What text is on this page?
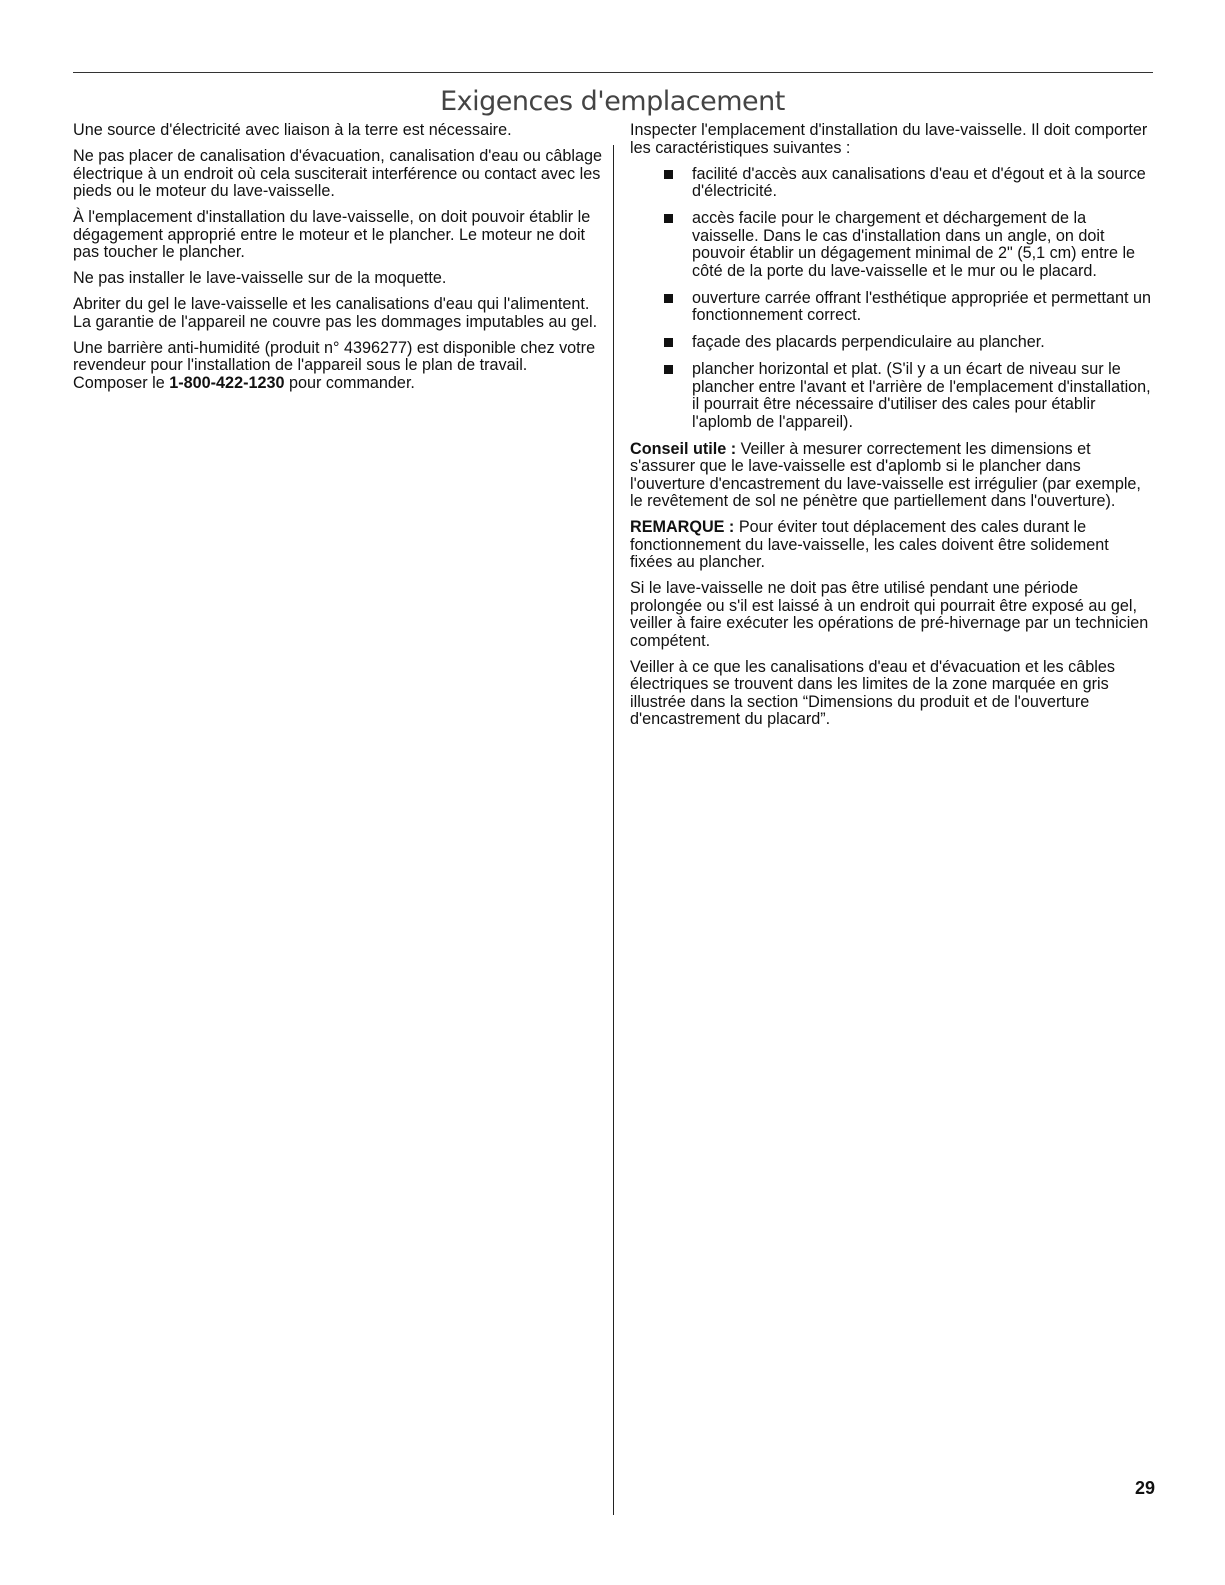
Exigences d'emplacement

Une source d'électricité avec liaison à la terre est nécessaire.

Ne pas placer de canalisation d'évacuation, canalisation d'eau ou câblage électrique à un endroit où cela susciterait interférence ou contact avec les pieds ou le moteur du lave-vaisselle.

À l'emplacement d'installation du lave-vaisselle, on doit pouvoir établir le dégagement approprié entre le moteur et le plancher. Le moteur ne doit pas toucher le plancher.

Ne pas installer le lave-vaisselle sur de la moquette.

Abriter du gel le lave-vaisselle et les canalisations d'eau qui l'alimentent. La garantie de l'appareil ne couvre pas les dommages imputables au gel.

Une barrière anti-humidité (produit n° 4396277) est disponible chez votre revendeur pour l'installation de l'appareil sous le plan de travail. Composer le 1-800-422-1230 pour commander.

Inspecter l'emplacement d'installation du lave-vaisselle. Il doit comporter les caractéristiques suivantes :

facilité d'accès aux canalisations d'eau et d'égout et à la source d'électricité.
accès facile pour le chargement et déchargement de la vaisselle. Dans le cas d'installation dans un angle, on doit pouvoir établir un dégagement minimal de 2" (5,1 cm) entre le côté de la porte du lave-vaisselle et le mur ou le placard.
ouverture carrée offrant l'esthétique appropriée et permettant un fonctionnement correct.
façade des placards perpendiculaire au plancher.
plancher horizontal et plat. (S'il y a un écart de niveau sur le plancher entre l'avant et l'arrière de l'emplacement d'installation, il pourrait être nécessaire d'utiliser des cales pour établir l'aplomb de l'appareil).

Conseil utile : Veiller à mesurer correctement les dimensions et s'assurer que le lave-vaisselle est d'aplomb si le plancher dans l'ouverture d'encastrement du lave-vaisselle est irrégulier (par exemple, le revêtement de sol ne pénètre que partiellement dans l'ouverture).

REMARQUE : Pour éviter tout déplacement des cales durant le fonctionnement du lave-vaisselle, les cales doivent être solidement fixées au plancher.

Si le lave-vaisselle ne doit pas être utilisé pendant une période prolongée ou s'il est laissé à un endroit qui pourrait être exposé au gel, veiller à faire exécuter les opérations de pré-hivernage par un technicien compétent.

Veiller à ce que les canalisations d'eau et d'évacuation et les câbles électriques se trouvent dans les limites de la zone marquée en gris illustrée dans la section “Dimensions du produit et de l'ouverture d'encastrement du placard”.

29
